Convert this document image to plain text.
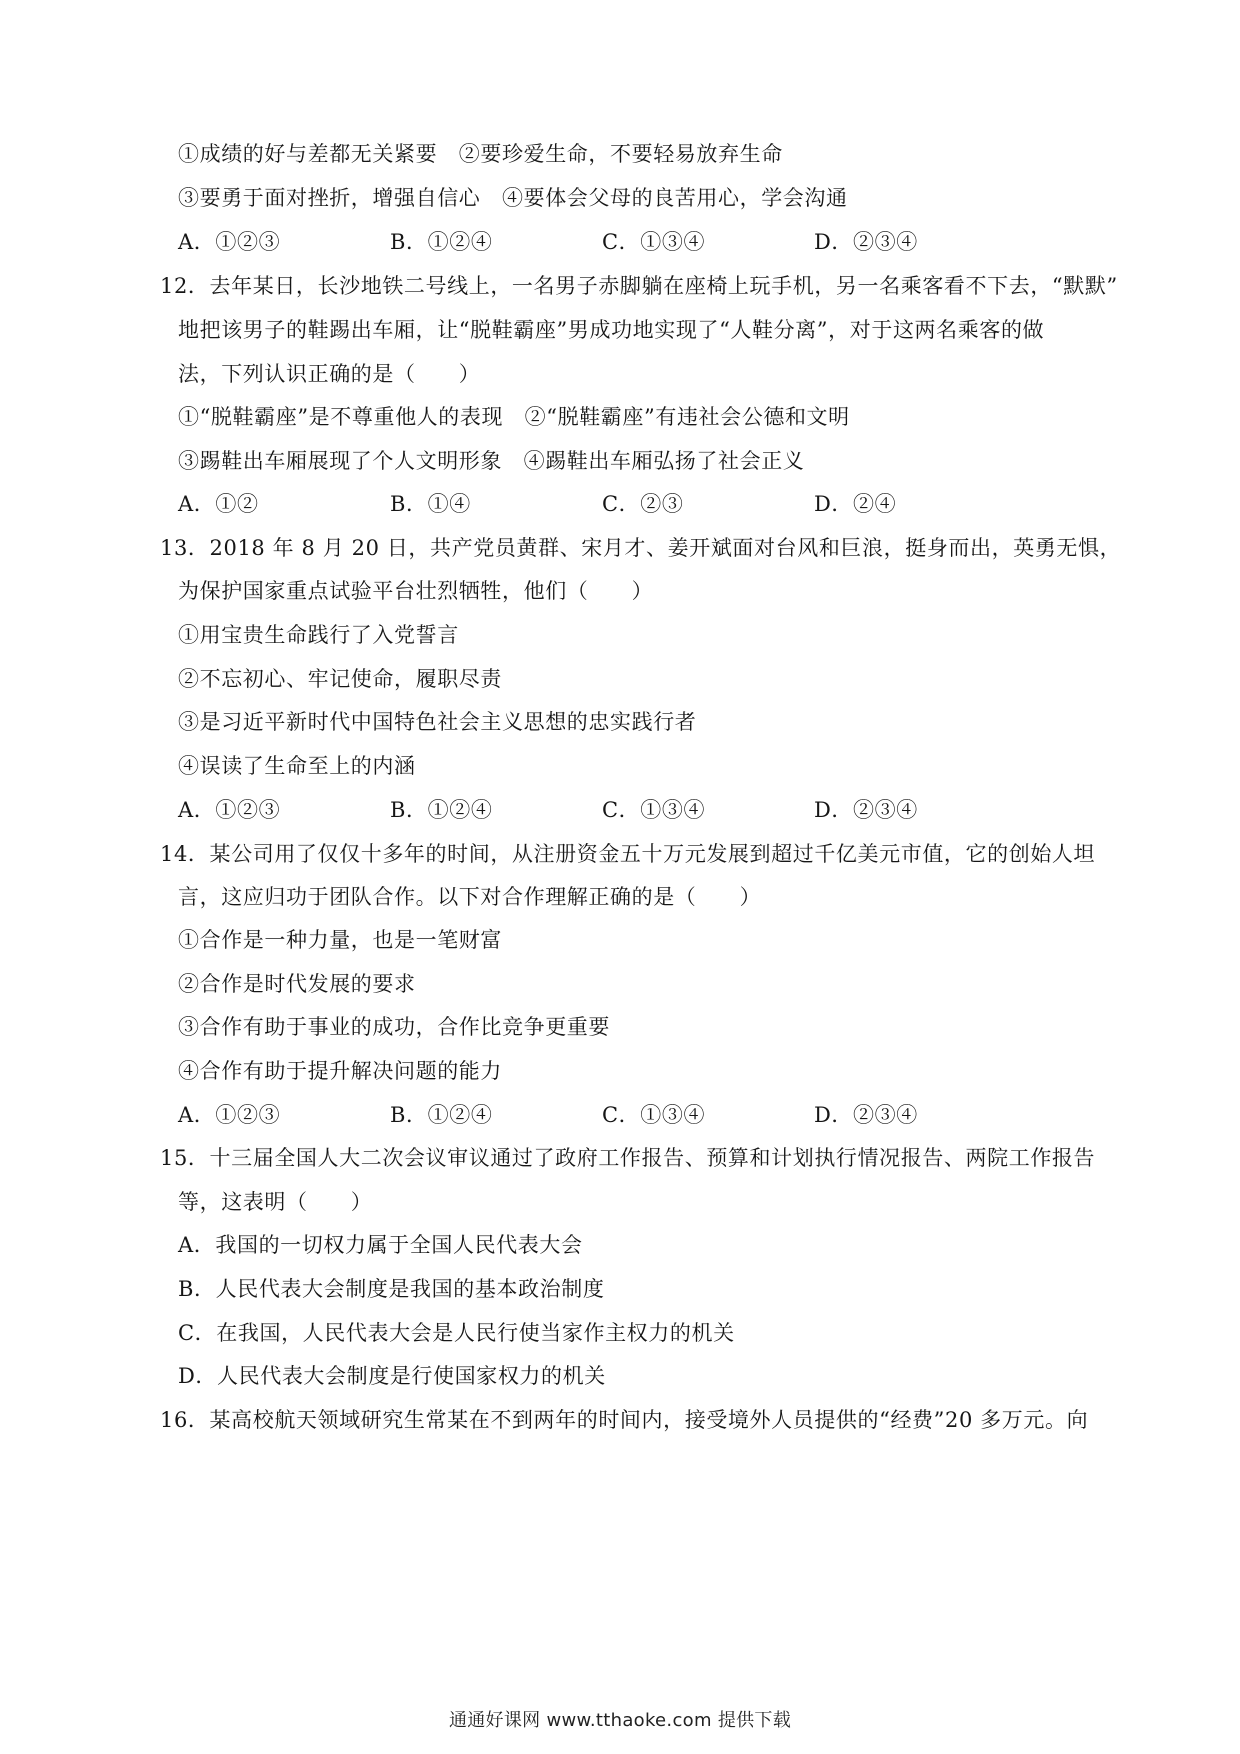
①成绩的好与差都无关紧要　②要珍爱生命，不要轻易放弃生命
③要勇于面对挫折，增强自信心　④要体会父母的良苦用心，学会沟通
A．①②③	B．①②④	C．①③④	D．②③④
12．去年某日，长沙地铁二号线上，一名男子赤脚躺在座椅上玩手机，另一名乘客看不下去，“默默”
地把该男子的鞋踢出车厢，让“脱鞋霸座”男成功地实现了“人鞋分离”，对于这两名乘客的做
法，下列认识正确的是（　　）
①“脱鞋霸座”是不尊重他人的表现　②“脱鞋霸座”有违社会公德和文明
③踢鞋出车厢展现了个人文明形象　④踢鞋出车厢弘扬了社会正义
A．①②	B．①④	C．②③	D．②④
13．2018 年 8 月 20 日，共产党员黄群、宋月才、姜开斌面对台风和巨浪，挺身而出，英勇无惧，
为保护国家重点试验平台壮烈牺牲，他们（　　）
①用宝贵生命践行了入党誓言
②不忘初心、牢记使命，履职尽责
③是习近平新时代中国特色社会主义思想的忠实践行者
④误读了生命至上的内涵
A．①②③	B．①②④	C．①③④	D．②③④
14．某公司用了仅仅十多年的时间，从注册资金五十万元发展到超过千亿美元市值，它的创始人坦
言，这应归功于团队合作。以下对合作理解正确的是（　　）
①合作是一种力量，也是一笔财富
②合作是时代发展的要求
③合作有助于事业的成功，合作比竞争更重要
④合作有助于提升解决问题的能力
A．①②③	B．①②④	C．①③④	D．②③④
15．十三届全国人大二次会议审议通过了政府工作报告、预算和计划执行情况报告、两院工作报告
等，这表明（　　）
A．我国的一切权力属于全国人民代表大会
B．人民代表大会制度是我国的基本政治制度
C．在我国，人民代表大会是人民行使当家作主权力的机关
D．人民代表大会制度是行使国家权力的机关
16．某高校航天领域研究生常某在不到两年的时间内，接受境外人员提供的“经费”20 多万元。向
通通好课网 www.tthaoke.com 提供下载
